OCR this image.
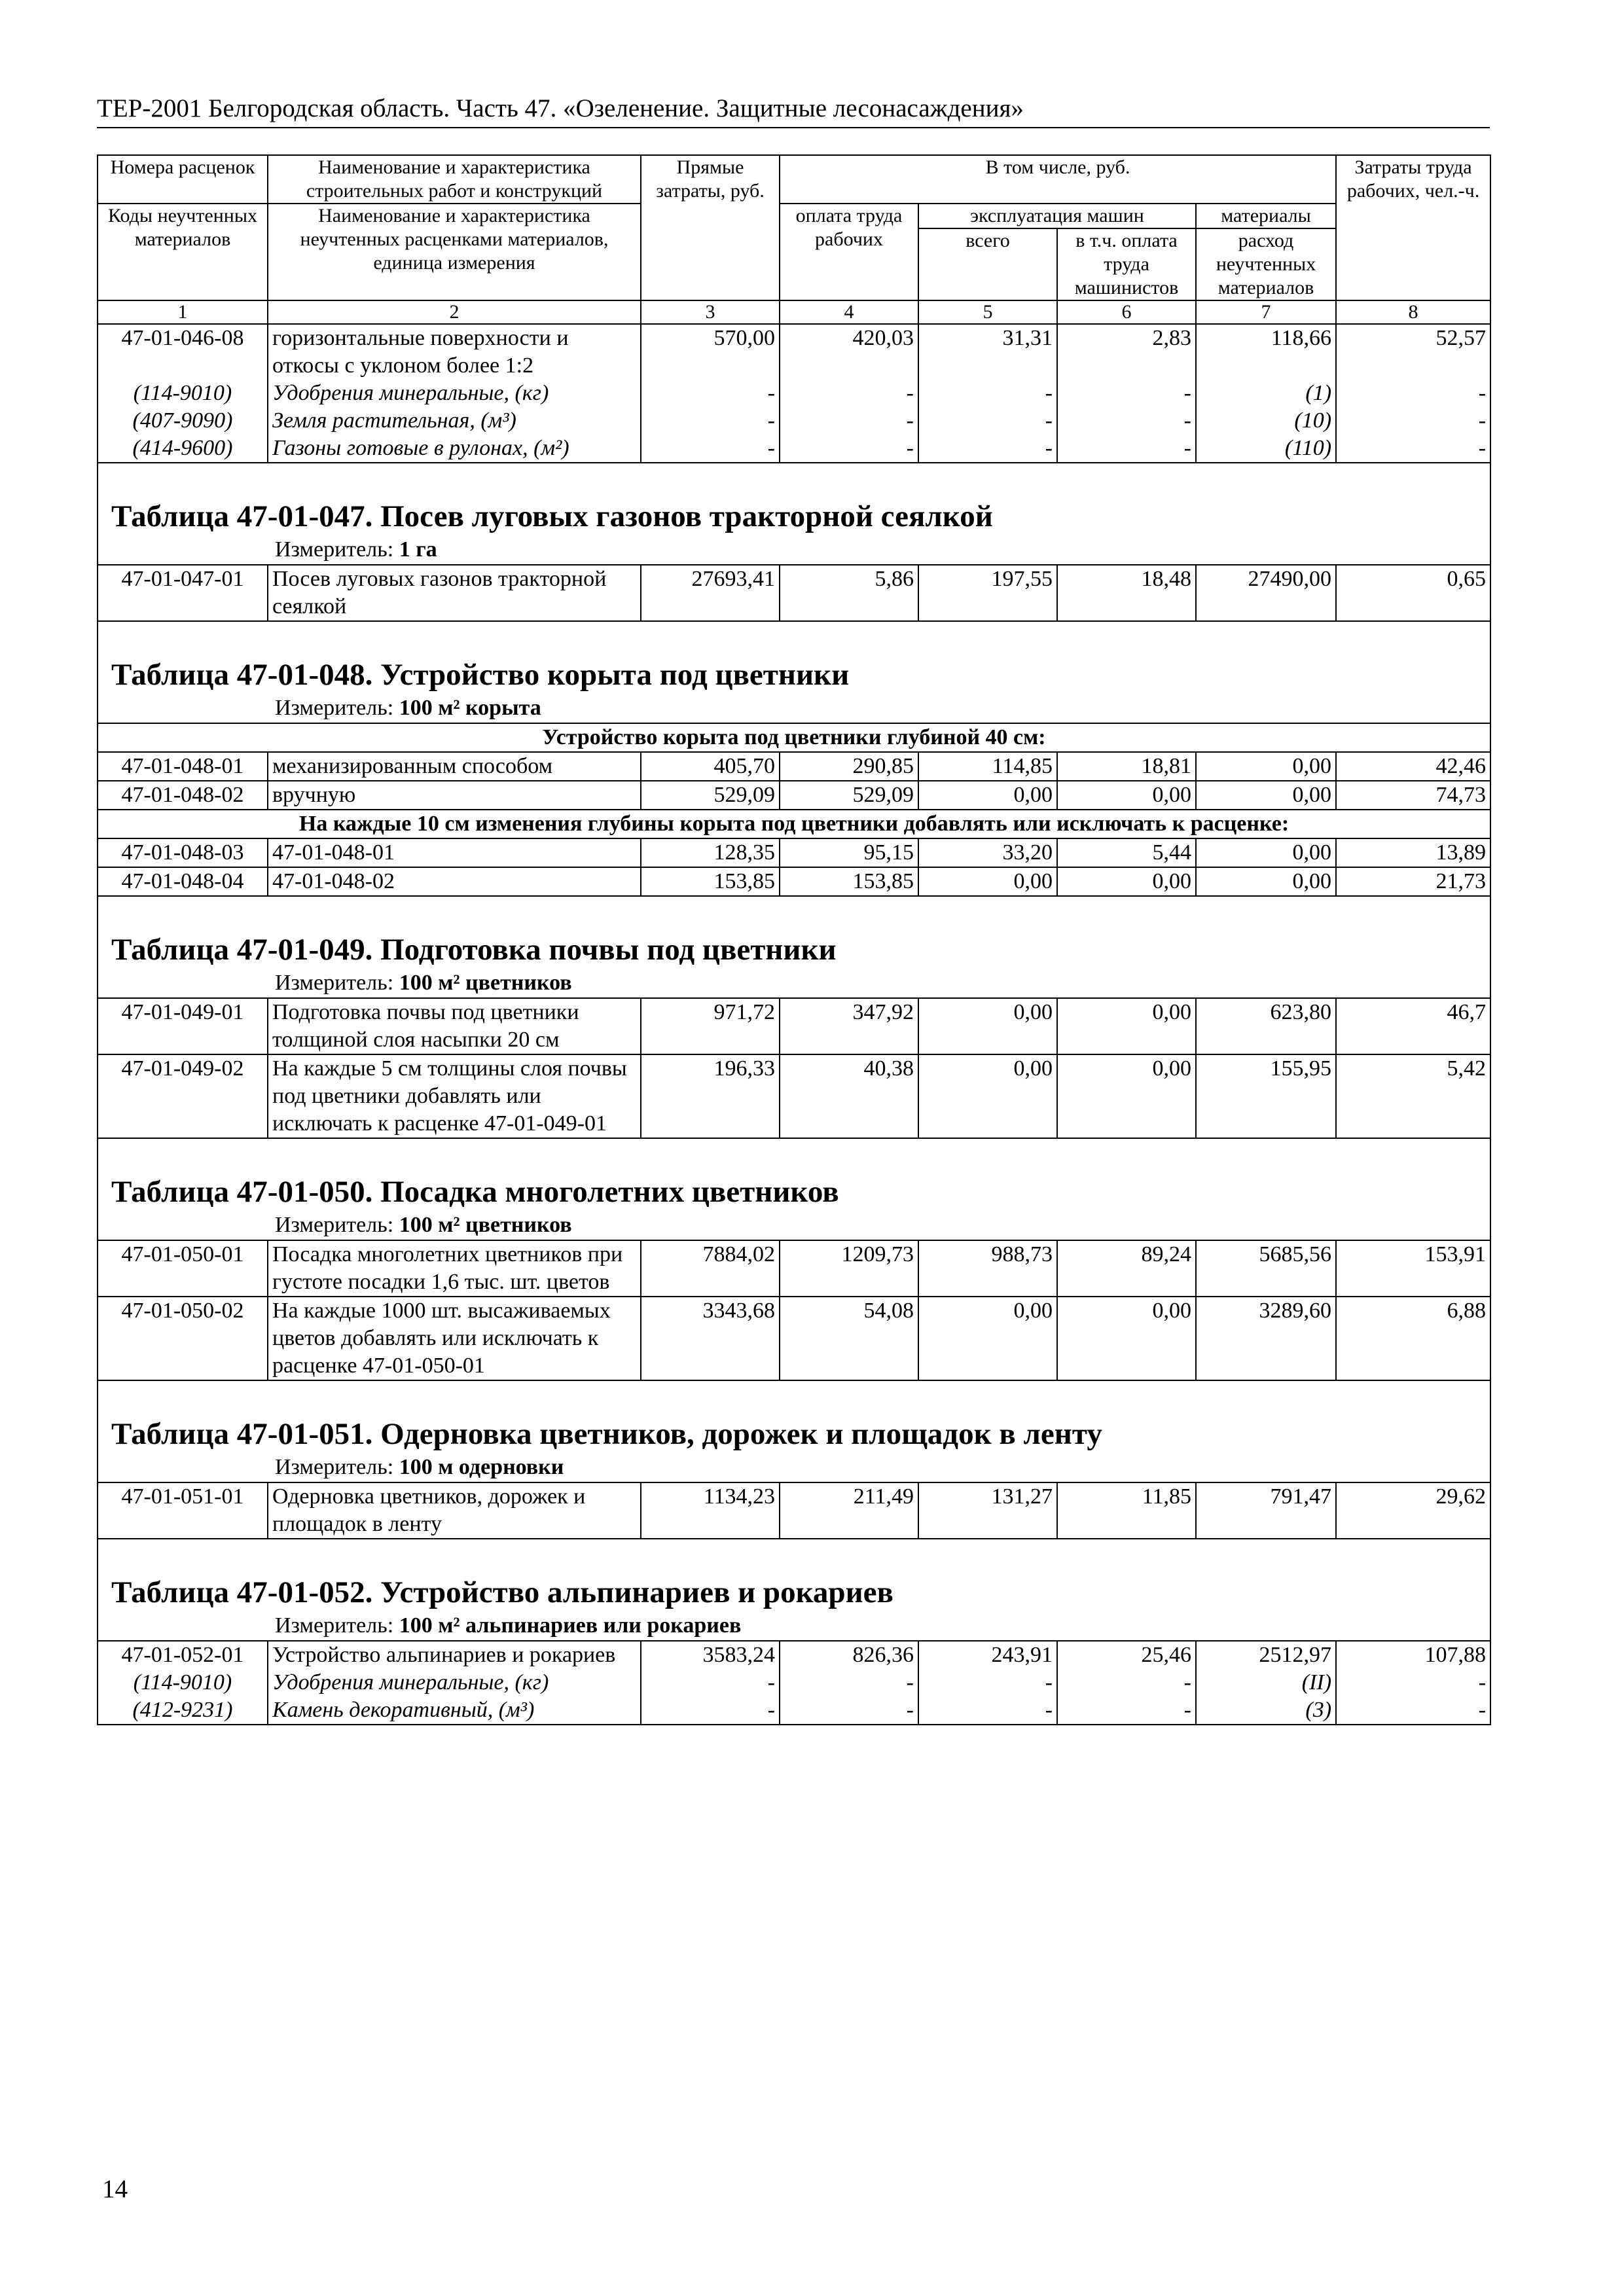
ТЕР-2001 Белгородская область. Часть 47. «Озеленение. Защитные лесонасаждения»
Номера расценок	Наименование и характеристика строительных работ и конструкций	Прямые затраты, руб.	В том числе, руб.				Затраты труда рабочих, чел.-ч.
Коды неучтенных материалов	Наименование и характеристика неучтенных расценками материалов, единица измерения		оплата труда рабочих	эксплуатация машин		материалы	
				всего	в т.ч. оплата труда машинистов	расход неучтенных материалов	
1	2	3	4	5	6	7	8
47-01-046-08	горизонтальные поверхности и откосы с уклоном более 1:2	570,00	420,03	31,31	2,83	118,66	52,57
(114-9010)	Удобрения минеральные, (кг)	-	-	-	-	(1)	-
(407-9090)	Земля растительная, (м³)	-	-	-	-	(10)	-
(414-9600)	Газоны готовые в рулонах, (м²)	-	-	-	-	(110)	-
Таблица 47-01-047. Посев луговых газонов тракторной сеялкой							
Измеритель: 1 га							
47-01-047-01	Посев луговых газонов тракторной сеялкой	27693,41	5,86	197,55	18,48	27490,00	0,65
Таблица 47-01-048. Устройство корыта под цветники							
Измеритель: 100 м² корыта							
Устройство корыта под цветники глубиной 40 см:							
47-01-048-01	механизированным способом	405,70	290,85	114,85	18,81	0,00	42,46
47-01-048-02	вручную	529,09	529,09	0,00	0,00	0,00	74,73
На каждые 10 см изменения глубины корыта под цветники добавлять или исключать к расценке:							
47-01-048-03	47-01-048-01	128,35	95,15	33,20	5,44	0,00	13,89
47-01-048-04	47-01-048-02	153,85	153,85	0,00	0,00	0,00	21,73
Таблица 47-01-049. Подготовка почвы под цветники							
Измеритель: 100 м² цветников							
47-01-049-01	Подготовка почвы под цветники толщиной слоя насыпки 20 см	971,72	347,92	0,00	0,00	623,80	46,7
47-01-049-02	На каждые 5 см толщины слоя почвы под цветники добавлять или исключать к расценке 47-01-049-01	196,33	40,38	0,00	0,00	155,95	5,42
Таблица 47-01-050. Посадка многолетних цветников							
Измеритель: 100 м² цветников							
47-01-050-01	Посадка многолетних цветников при густоте посадки 1,6 тыс. шт. цветов	7884,02	1209,73	988,73	89,24	5685,56	153,91
47-01-050-02	На каждые 1000 шт. высаживаемых цветов добавлять или исключать к расценке 47-01-050-01	3343,68	54,08	0,00	0,00	3289,60	6,88
Таблица 47-01-051. Одерновка цветников, дорожек и площадок в ленту							
Измеритель: 100 м одерновки							
47-01-051-01	Одерновка цветников, дорожек и площадок в ленту	1134,23	211,49	131,27	11,85	791,47	29,62
Таблица 47-01-052. Устройство альпинариев и рокариев							
Измеритель: 100 м² альпинариев или рокариев							
47-01-052-01	Устройство альпинариев и рокариев	3583,24	826,36	243,91	25,46	2512,97	107,88
(114-9010)	Удобрения минеральные, (кг)	-	-	-	-	(II)	-
(412-9231)	Камень декоративный, (м³)	-	-	-	-	(3)	-
14
